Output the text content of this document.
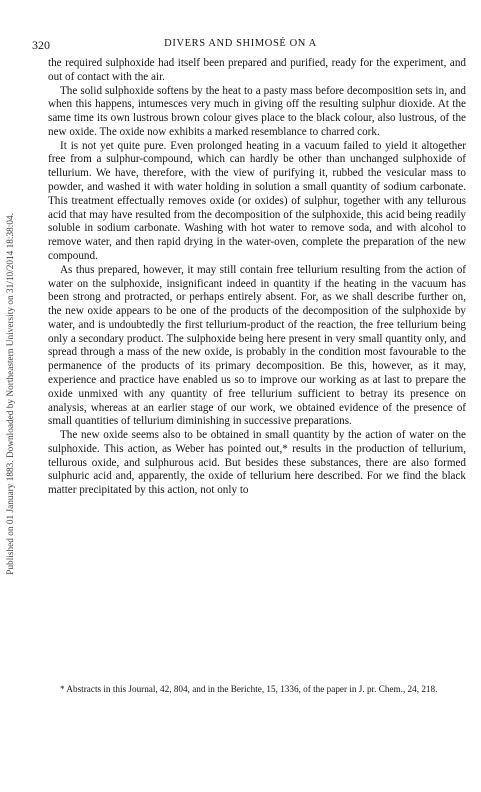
320	DIVERS AND SHIMOSÉ ON A
Published on 01 January 1883. Downloaded by Northeastern University on 31/10/2014 18:38:04.

the required sulphoxide had itself been prepared and purified, ready for the experiment, and out of contact with the air.

The solid sulphoxide softens by the heat to a pasty mass before decomposition sets in, and when this happens, intumesces very much in giving off the resulting sulphur dioxide. At the same time its own lustrous brown colour gives place to the black colour, also lustrous, of the new oxide. The oxide now exhibits a marked resemblance to charred cork.

It is not yet quite pure. Even prolonged heating in a vacuum failed to yield it altogether free from a sulphur-compound, which can hardly be other than unchanged sulphoxide of tellurium. We have, therefore, with the view of purifying it, rubbed the vesicular mass to powder, and washed it with water holding in solution a small quantity of sodium carbonate. This treatment effectually removes oxide (or oxides) of sulphur, together with any tellurous acid that may have resulted from the decomposition of the sulphoxide, this acid being readily soluble in sodium carbonate. Washing with hot water to remove soda, and with alcohol to remove water, and then rapid drying in the water-oven, complete the preparation of the new compound.

As thus prepared, however, it may still contain free tellurium resulting from the action of water on the sulphoxide, insignificant indeed in quantity if the heating in the vacuum has been strong and protracted, or perhaps entirely absent. For, as we shall describe further on, the new oxide appears to be one of the products of the decomposition of the sulphoxide by water, and is undoubtedly the first tellurium-product of the reaction, the free tellurium being only a secondary product. The sulphoxide being here present in very small quantity only, and spread through a mass of the new oxide, is probably in the condition most favourable to the permanence of the products of its primary decomposition. Be this, however, as it may, experience and practice have enabled us so to improve our working as at last to prepare the oxide unmixed with any quantity of free tellurium sufficient to betray its presence on analysis, whereas at an earlier stage of our work, we obtained evidence of the presence of small quantities of tellurium diminishing in successive preparations.

The new oxide seems also to be obtained in small quantity by the action of water on the sulphoxide. This action, as Weber has pointed out,* results in the production of tellurium, tellurous oxide, and sulphurous acid. But besides these substances, there are also formed sulphuric acid and, apparently, the oxide of tellurium here described. For we find the black matter precipitated by this action, not only to

* Abstracts in this Journal, 42, 804, and in the Berichte, 15, 1336, of the paper in J. pr. Chem., 24, 218.
